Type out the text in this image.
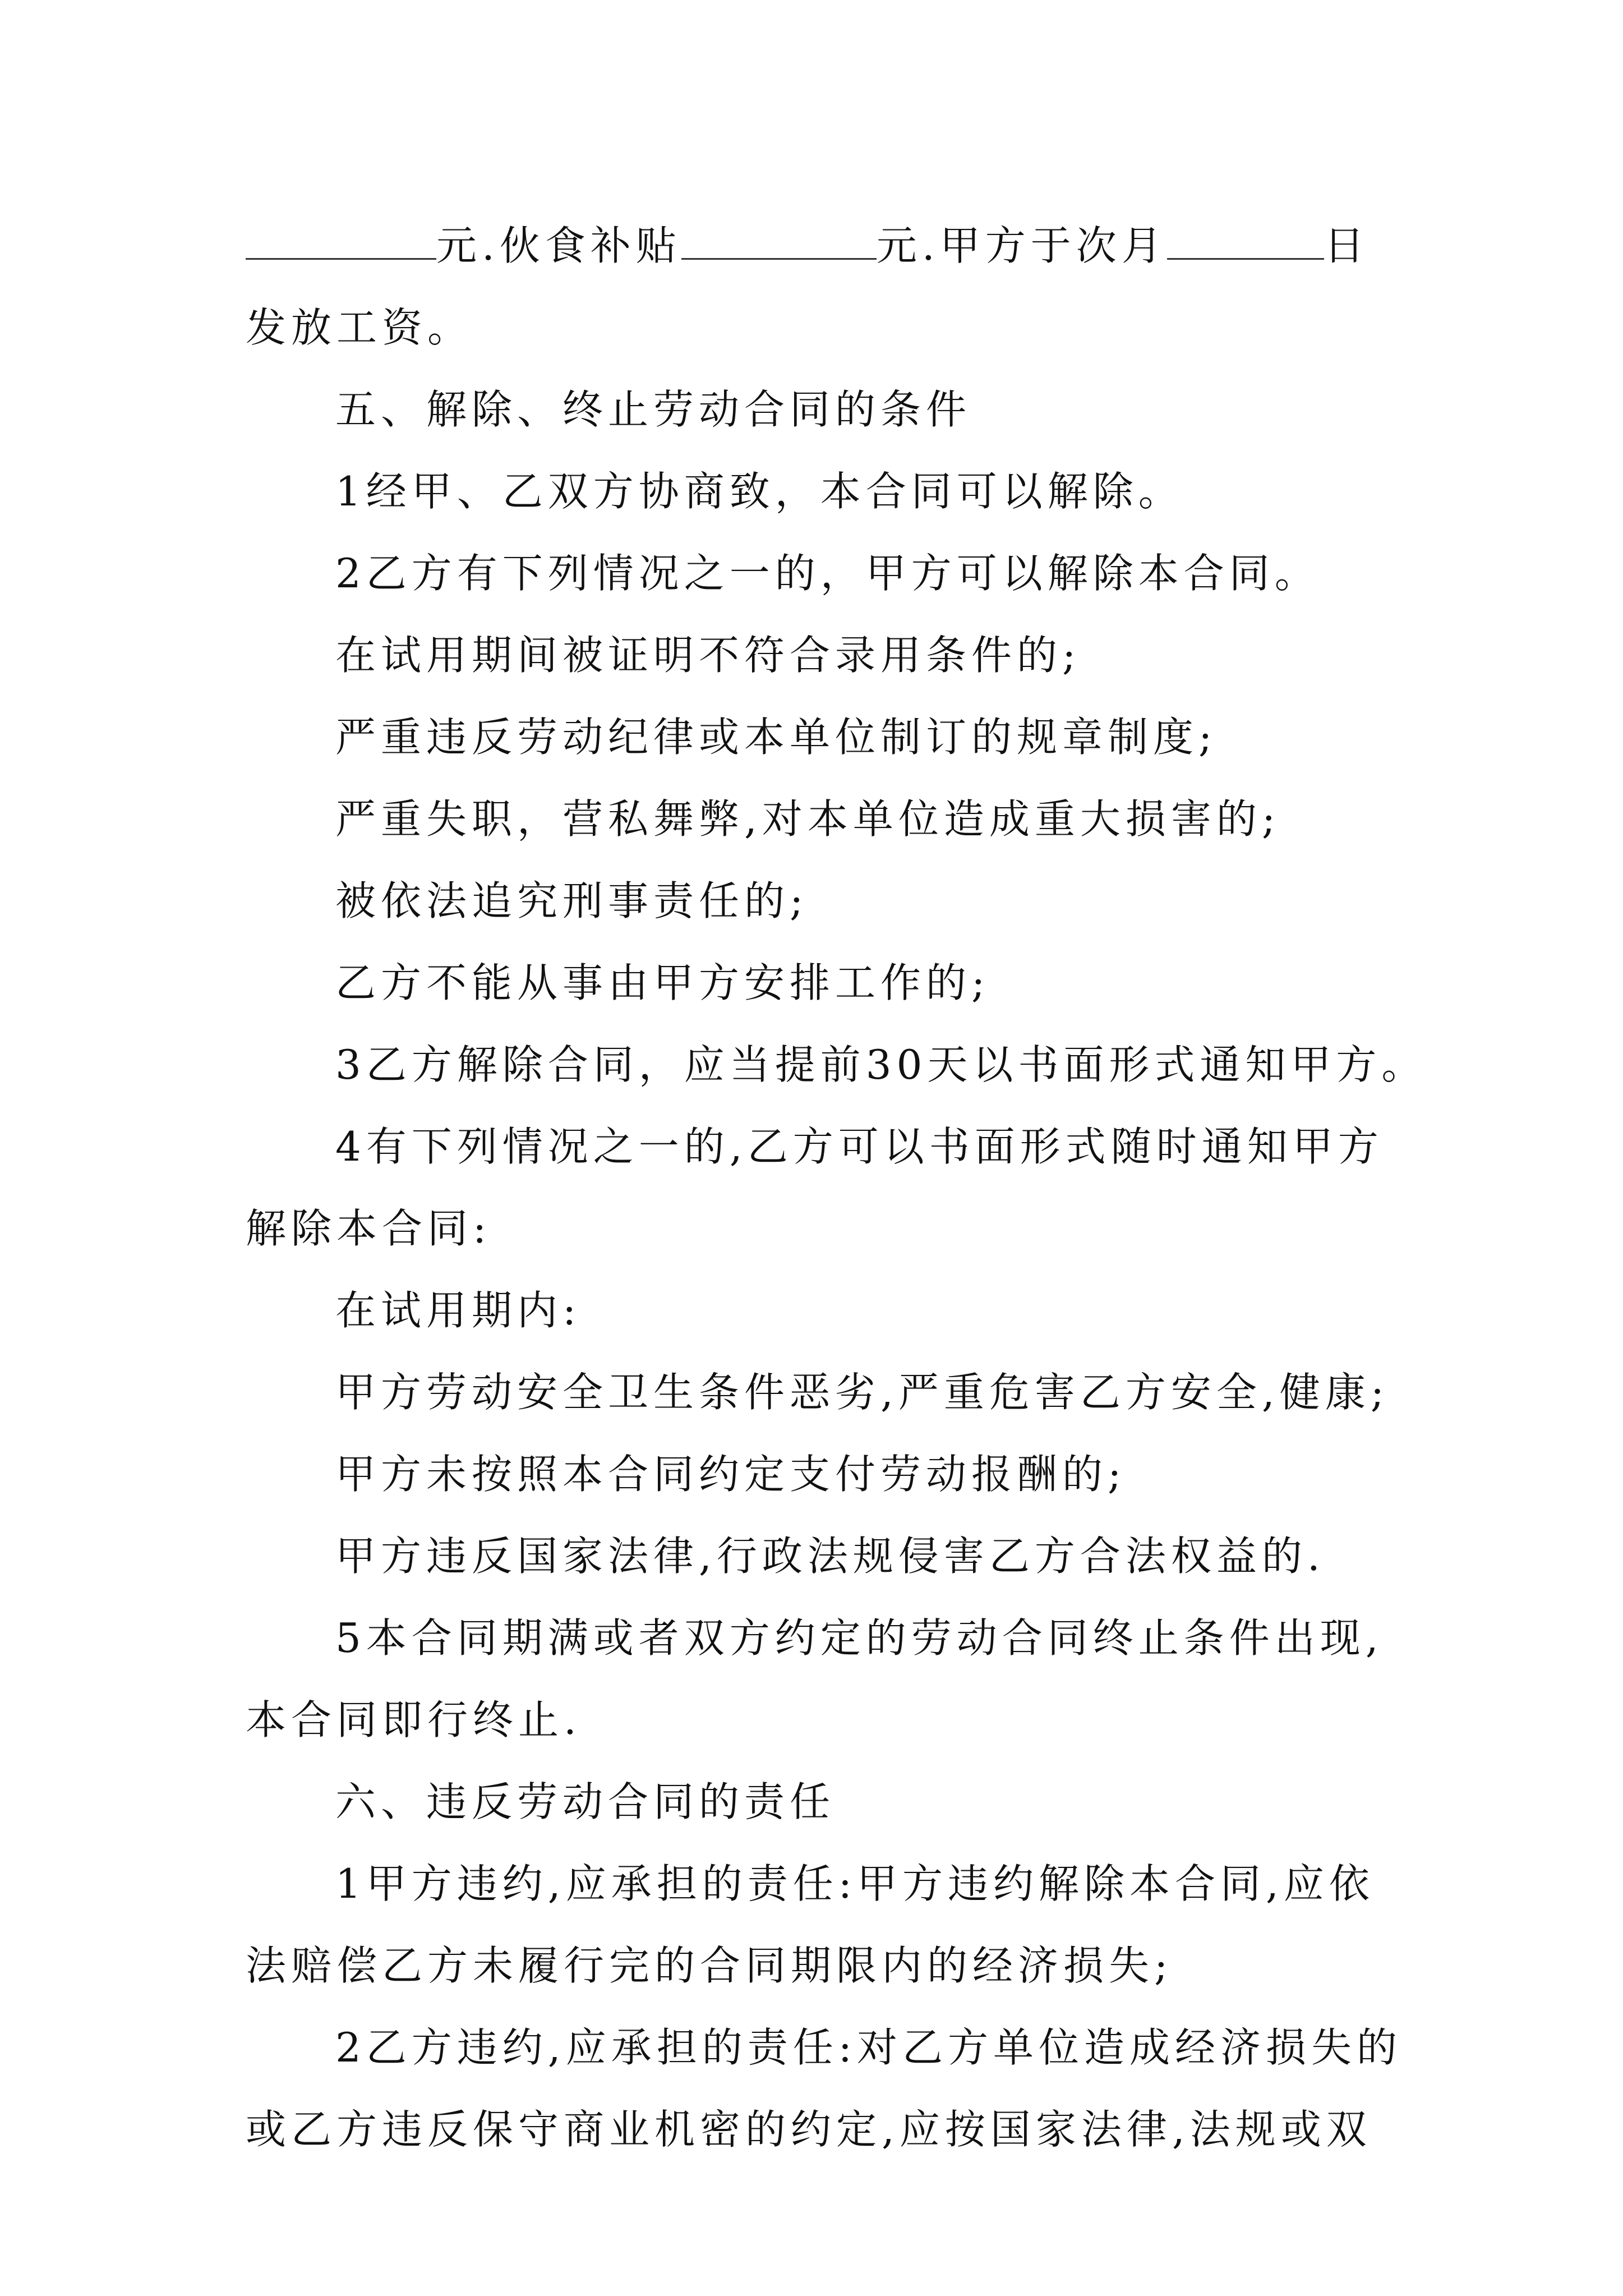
元.伙食补贴	元.甲方于次月	日
发放工资。
五、解除、终止劳动合同的条件
1经甲、乙双方协商致，本合同可以解除。
2乙方有下列情况之一的，甲方可以解除本合同。
在试用期间被证明不符合录用条件的;
严重违反劳动纪律或本单位制订的规章制度;
严重失职，营私舞弊,对本单位造成重大损害的;
被依法追究刑事责任的;
乙方不能从事由甲方安排工作的;
3乙方解除合同，应当提前30天以书面形式通知甲方。
4有下列情况之一的,乙方可以书面形式随时通知甲方
解除本合同:
在试用期内:
甲方劳动安全卫生条件恶劣,严重危害乙方安全,健康;
甲方未按照本合同约定支付劳动报酬的;
甲方违反国家法律,行政法规侵害乙方合法权益的.
5本合同期满或者双方约定的劳动合同终止条件出现,
本合同即行终止.
六、违反劳动合同的责任
1甲方违约,应承担的责任:甲方违约解除本合同,应依
法赔偿乙方未履行完的合同期限内的经济损失;
2乙方违约,应承担的责任:对乙方单位造成经济损失的
或乙方违反保守商业机密的约定,应按国家法律,法规或双
